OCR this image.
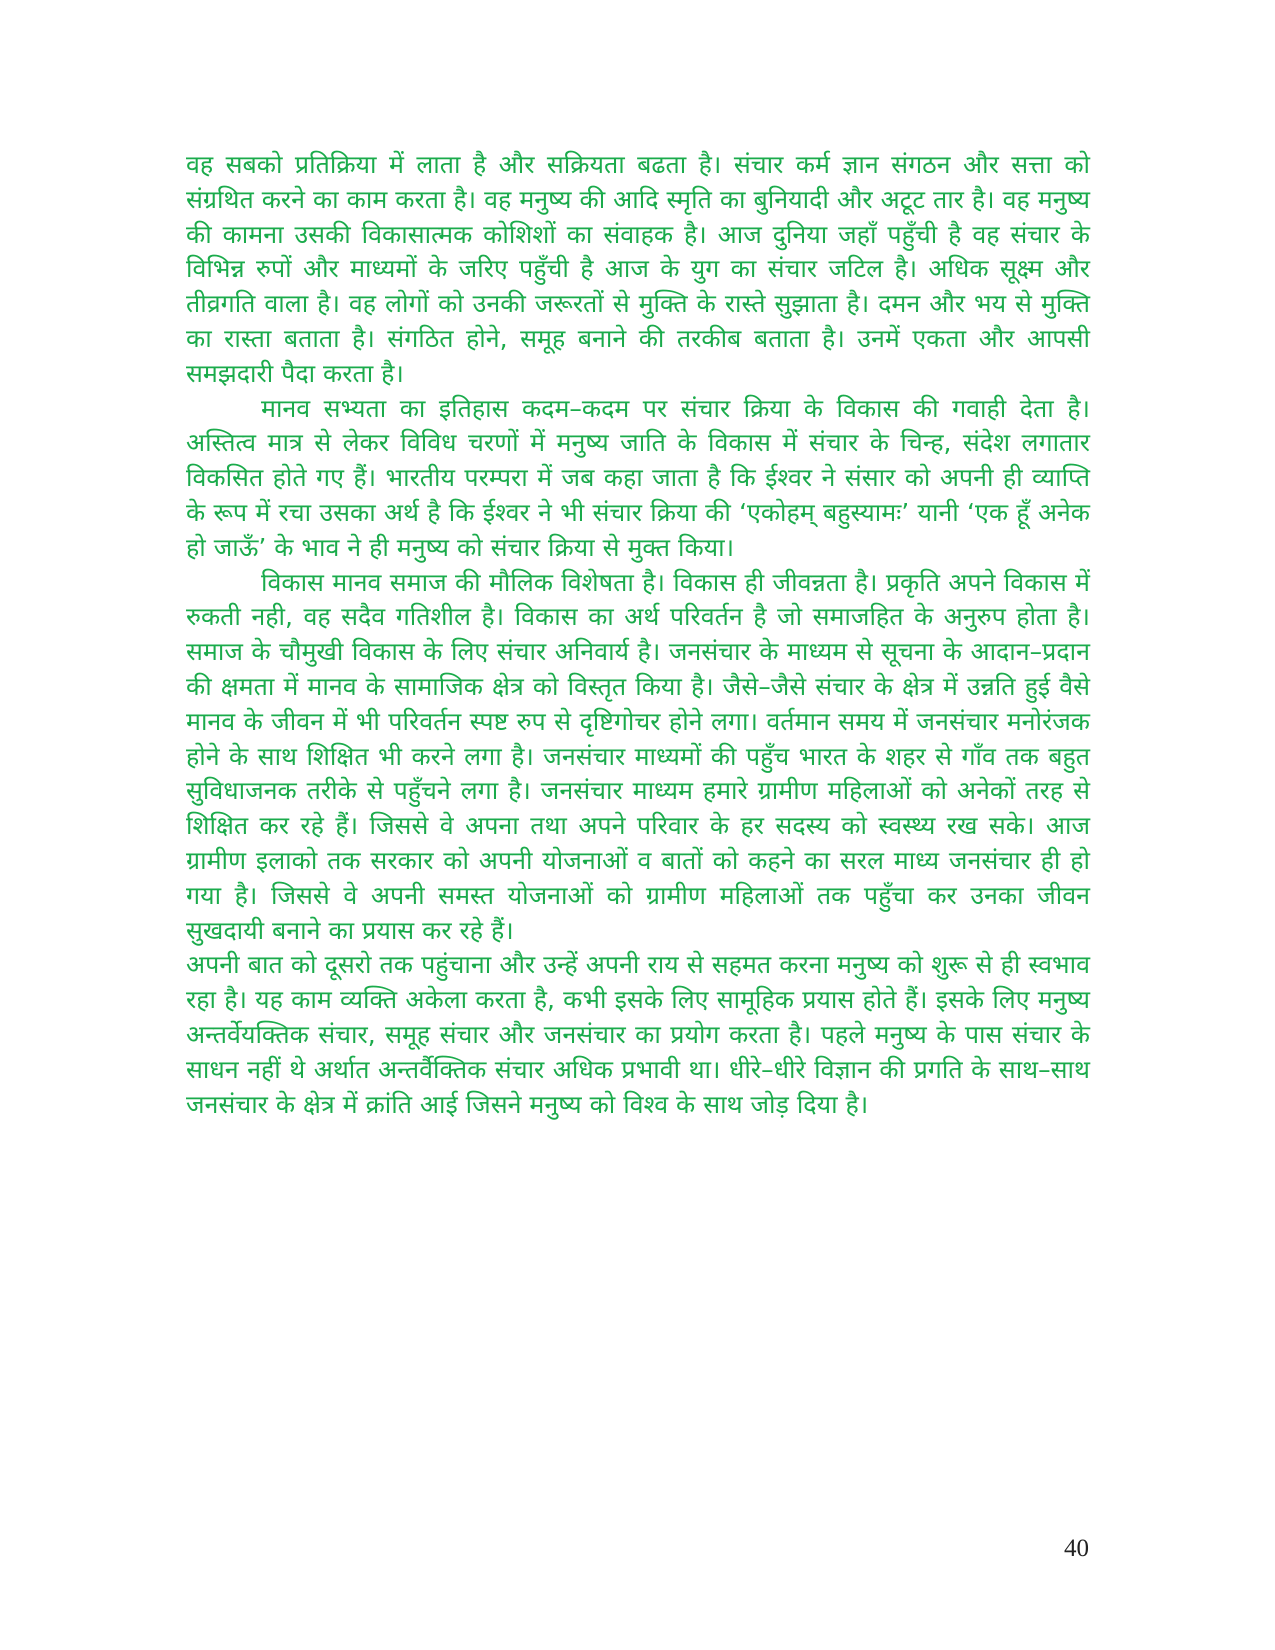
वह सबको प्रतिक्रिया में लाता है और सक्रियता बढता है। संचार कर्म ज्ञान संगठन और सत्ता को संग्रथित करने का काम करता है। वह मनुष्य की आदि स्मृति का बुनियादी और अटूट तार है। वह मनुष्य की कामना उसकी विकासात्मक कोशिशों का संवाहक है। आज दुनिया जहाँ पहुँची है वह संचार के विभिन्न रुपों और माध्यमों के जरिए पहुँची है आज के युग का संचार जटिल है। अधिक सूक्ष्म और तीव्रगति वाला है। वह लोगों को उनकी जरूरतों से मुक्ति के रास्ते सुझाता है। दमन और भय से मुक्ति का रास्ता बताता है। संगठित होने, समूह बनाने की तरकीब बताता है। उनमें एकता और आपसी समझदारी पैदा करता है।

मानव सभ्यता का इतिहास कदम–कदम पर संचार क्रिया के विकास की गवाही देता है। अस्तित्व मात्र से लेकर विविध चरणों में मनुष्य जाति के विकास में संचार के चिन्ह, संदेश लगातार विकसित होते गए हैं। भारतीय परम्परा में जब कहा जाता है कि ईश्वर ने संसार को अपनी ही व्याप्ति के रूप में रचा उसका अर्थ है कि ईश्वर ने भी संचार क्रिया की ‘एकोहम् बहुस्यामः’ यानी ‘एक हूँ अनेक हो जाऊँ’ के भाव ने ही मनुष्य को संचार क्रिया से मुक्त किया।

विकास मानव समाज की मौलिक विशेषता है। विकास ही जीवन्नता है। प्रकृति अपने विकास में रुकती नही, वह सदैव गतिशील है। विकास का अर्थ परिवर्तन है जो समाजहित के अनुरुप होता है। समाज के चौमुखी विकास के लिए संचार अनिवार्य है। जनसंचार के माध्यम से सूचना के आदान–प्रदान की क्षमता में मानव के सामाजिक क्षेत्र को विस्तृत किया है। जैसे–जैसे संचार के क्षेत्र में उन्नति हुई वैसे मानव के जीवन में भी परिवर्तन स्पष्ट रुप से दृष्टिगोचर होने लगा। वर्तमान समय में जनसंचार मनोरंजक होने के साथ शिक्षित भी करने लगा है। जनसंचार माध्यमों की पहुँच भारत के शहर से गाँव तक बहुत सुविधाजनक तरीके से पहुँचने लगा है। जनसंचार माध्यम हमारे ग्रामीण महिलाओं को अनेकों तरह से शिक्षित कर रहे हैं। जिससे वे अपना तथा अपने परिवार के हर सदस्य को स्वस्थ्य रख सके। आज ग्रामीण इलाको तक सरकार को अपनी योजनाओं व बातों को कहने का सरल माध्य जनसंचार ही हो गया है। जिससे वे अपनी समस्त योजनाओं को ग्रामीण महिलाओं तक पहुँचा कर उनका जीवन सुखदायी बनाने का प्रयास कर रहे हैं।

अपनी बात को दूसरो तक पहुंचाना और उन्हें अपनी राय से सहमत करना मनुष्य को शुरू से ही स्वभाव रहा है। यह काम व्यक्ति अकेला करता है, कभी इसके लिए सामूहिक प्रयास होते हैं। इसके लिए मनुष्य अन्तर्वेयक्तिक संचार, समूह संचार और जनसंचार का प्रयोग करता है। पहले मनुष्य के पास संचार के साधन नहीं थे अर्थात अन्तर्वैक्तिक संचार अधिक प्रभावी था। धीरे–धीरे विज्ञान की प्रगति के साथ–साथ जनसंचार के क्षेत्र में क्रांति आई जिसने मनुष्य को विश्व के साथ जोड़ दिया है।

40
